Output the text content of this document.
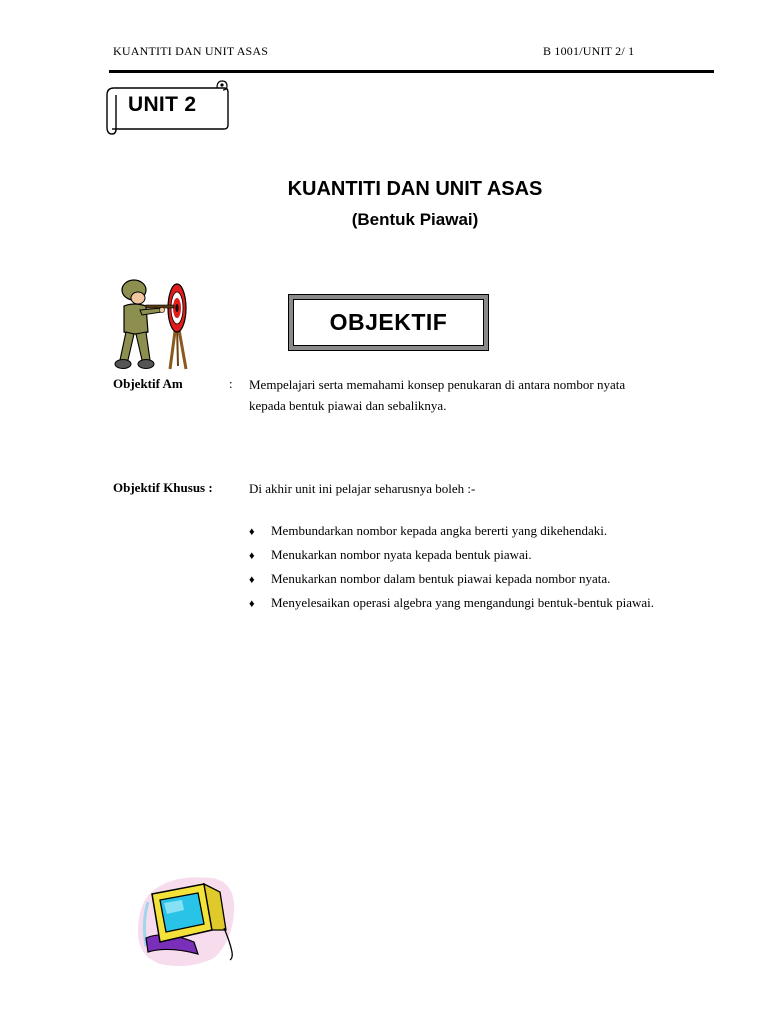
KUANTITI DAN UNIT ASAS	B 1001/UNIT 2/ 1
UNIT 2
KUANTITI DAN UNIT ASAS
(Bentuk Piawai)
OBJEKTIF
Objektif Am	: Mempelajari serta memahami konsep penukaran di antara nombor nyata
kepada bentuk piawai dan sebaliknya.
Objektif Khusus :	Di akhir unit ini pelajar seharusnya boleh :-
♦ Membundarkan nombor kepada angka bererti yang dikehendaki.
♦ Menukarkan nombor nyata kepada bentuk piawai.
♦ Menukarkan nombor dalam bentuk piawai kepada nombor nyata.
♦ Menyelesaikan operasi algebra yang mengandungi bentuk-bentuk piawai.
